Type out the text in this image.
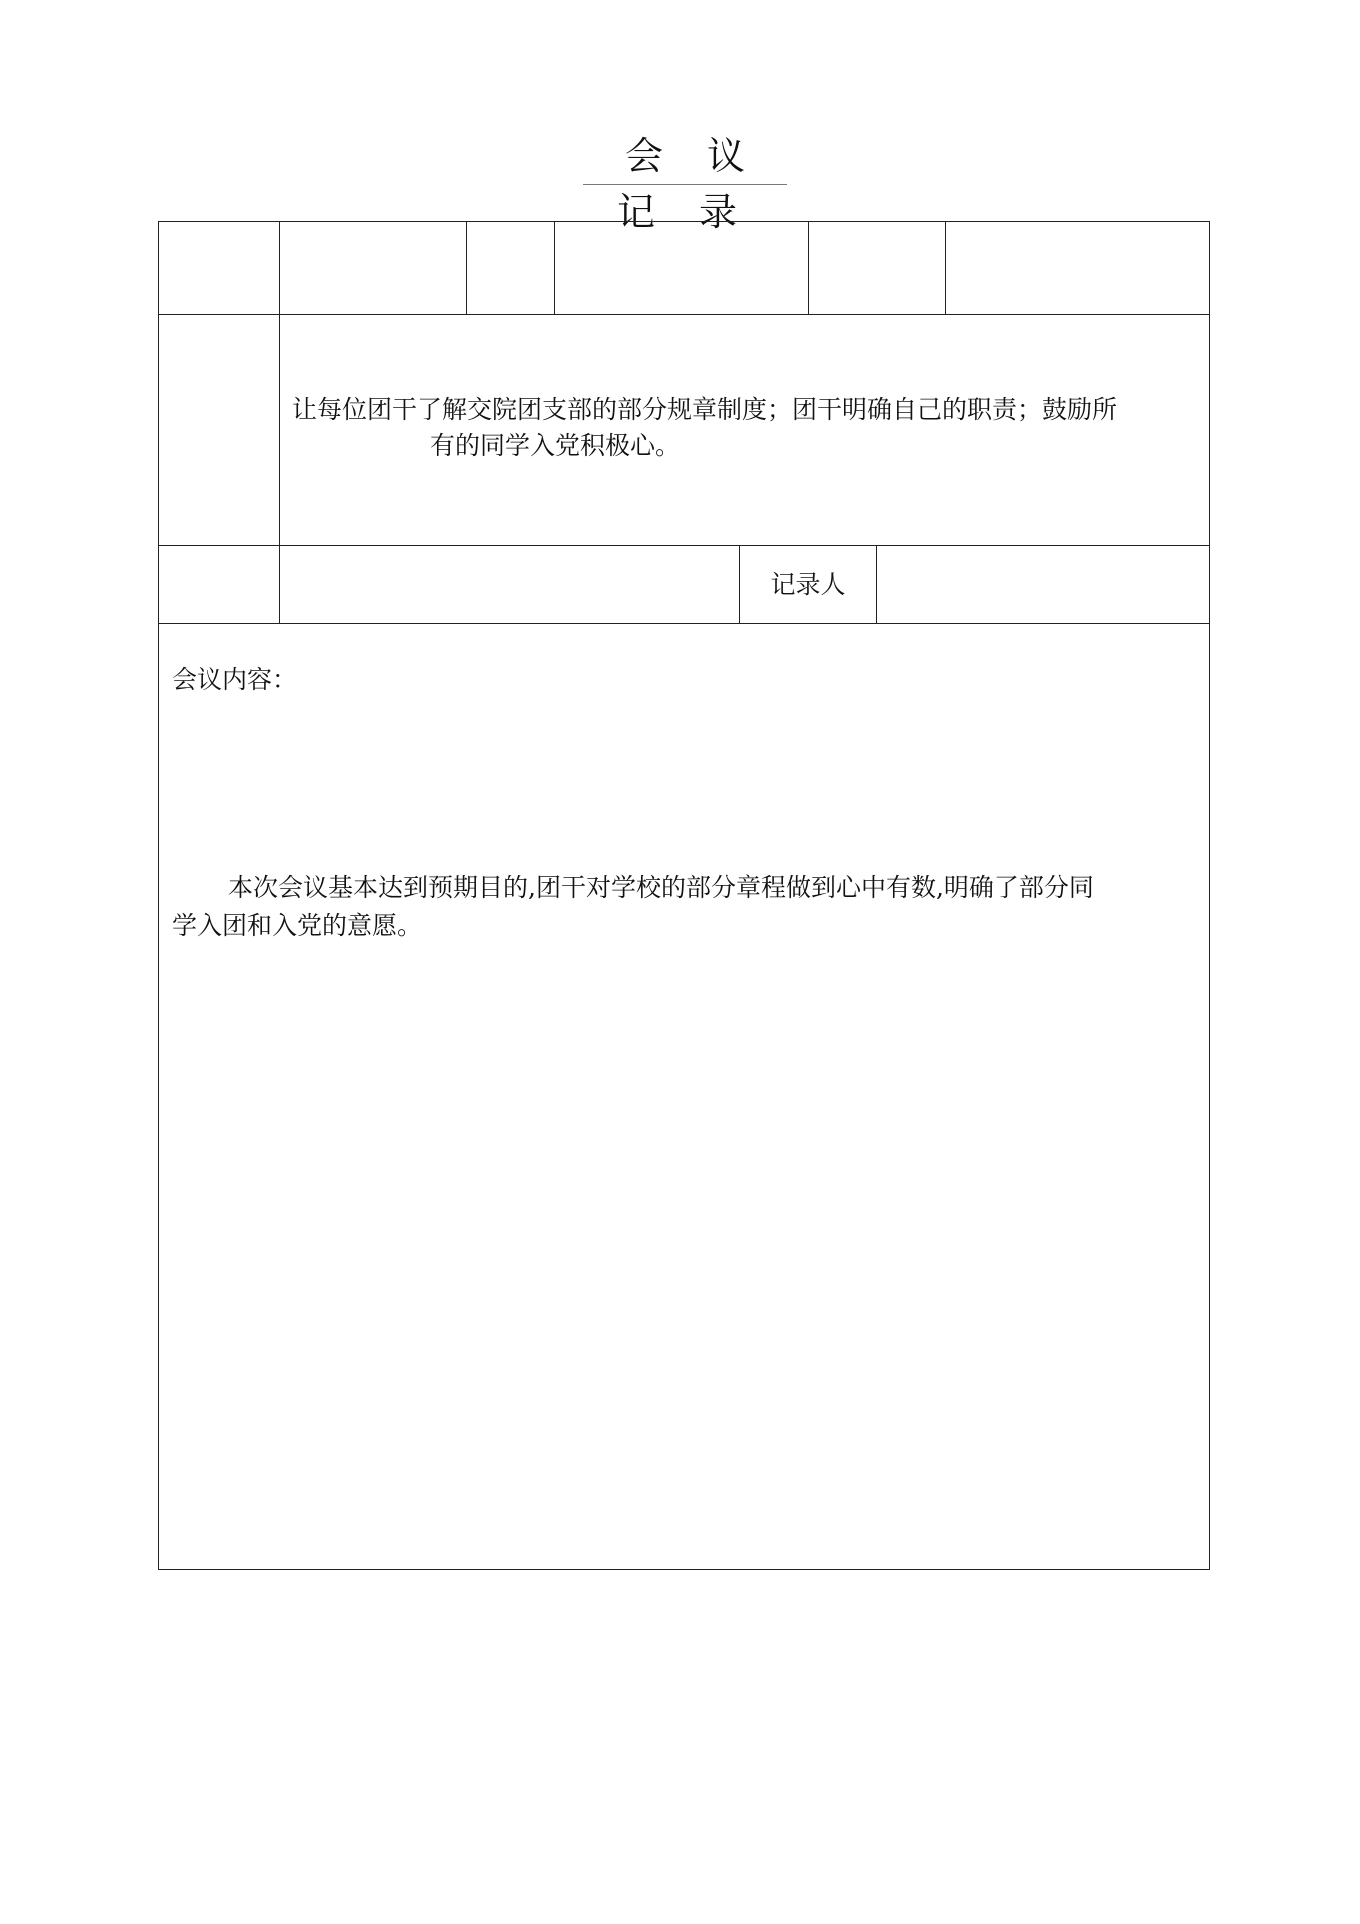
会 议 记 录
让每位团干了解交院团支部的部分规章制度；团干明确自己的职责；鼓励所
有的同学入党积极心。
记录人
会议内容：
本次会议基本达到预期目的,团干对学校的部分章程做到心中有数,明确了部分同
学入团和入党的意愿。
